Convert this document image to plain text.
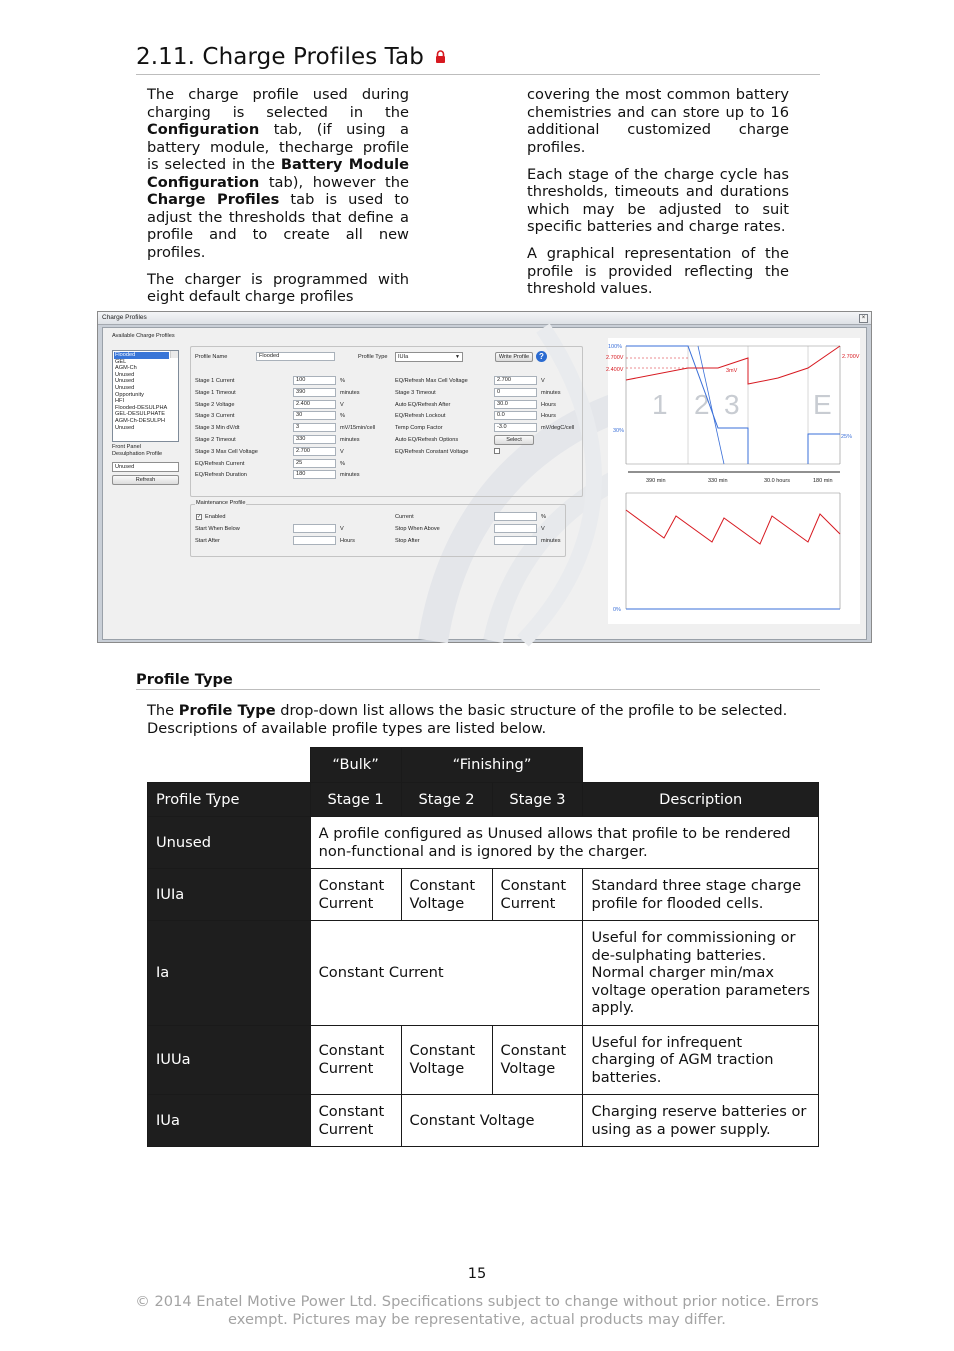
2.11. Charge Profiles Tab

The charge profile used during charging is selected in the Configuration tab, (if using a battery module, thecharge profile is selected in the Battery Module Configuration tab), however the Charge Profiles tab is used to adjust the thresholds that define a profile and to create all new profiles.

The charger is programmed with eight default charge profiles

covering the most common battery chemistries and can store up to 16 additional customized charge profiles.

Each stage of the charge cycle has thresholds, timeouts and durations which may be adjusted to suit specific batteries and charge rates.

A graphical representation of the profile is provided reflecting the threshold values.

Charge Profiles	×
Available Charge Profiles
Flooded
GEL
AGM-Ch
Unused
Unused
Unused
Opportunity
HFI
Flooded-DESULPHA
GEL-DESULPHATE
AGM-Ch-DESULPH
Unused
Front Panel
Desulphation Profile
Unused
Refresh
Profile Name	Flooded	Profile Type	IUIa	▼	Write Profile	?
Stage 1 Current	100	%
Stage 1 Timeout	390	minutes
Stage 2 Voltage	2.400	V
Stage 3 Current	30	%
Stage 3 Min dV/dt	3	mV/15min/cell
Stage 2 Timeout	330	minutes
Stage 3 Max Cell Voltage	2.700	V
EQ/Refresh Current	25	%
EQ/Refresh Duration	180	minutes
EQ/Refresh Max Cell Voltage	2.700	V
Stage 3 Timeout	0	minutes
Auto EQ/Refresh After	30.0	Hours
EQ/Refresh Lockout	0.0	Hours
Temp Comp Factor	-3.0	mV/degC/cell
Auto EQ/Refresh Options	Select
EQ/Refresh Constant Voltage
Maintenance Profile
✓ Enabled
Start When Below	V
Start After	Hours
Current	%
Stop When Above	V
Stop After	minutes
1 2 3	E
100%
2.700V
2.400V
2.700V
3mV
30%
25%
390 min	330 min	30.0 hours	180 min
0%
Profile Type
The Profile Type drop-down list allows the basic structure of the profile to be selected. Descriptions of available profile types are listed below.
	“Bulk”	“Finishing”		
Profile Type	Stage 1	Stage 2	Stage 3	Description
Unused	A profile configured as Unused allows that profile to be rendered non-functional and is ignored by the charger.			
IUIa	Constant Current	Constant Voltage	Constant Current	Standard three stage charge profile for flooded cells.
Ia	Constant Current			Useful for commissioning or de-sulphating batteries. Normal charger min/max voltage operation parameters apply.
IUUa	Constant Current	Constant Voltage	Constant Voltage	Useful for infrequent charging of AGM traction batteries.
IUa	Constant Current	Constant Voltage		Charging reserve batteries or using as a power supply.
15
© 2014 Enatel Motive Power Ltd. Specifications subject to change without prior notice. Errors exempt. Pictures may be representative, actual products may differ.
